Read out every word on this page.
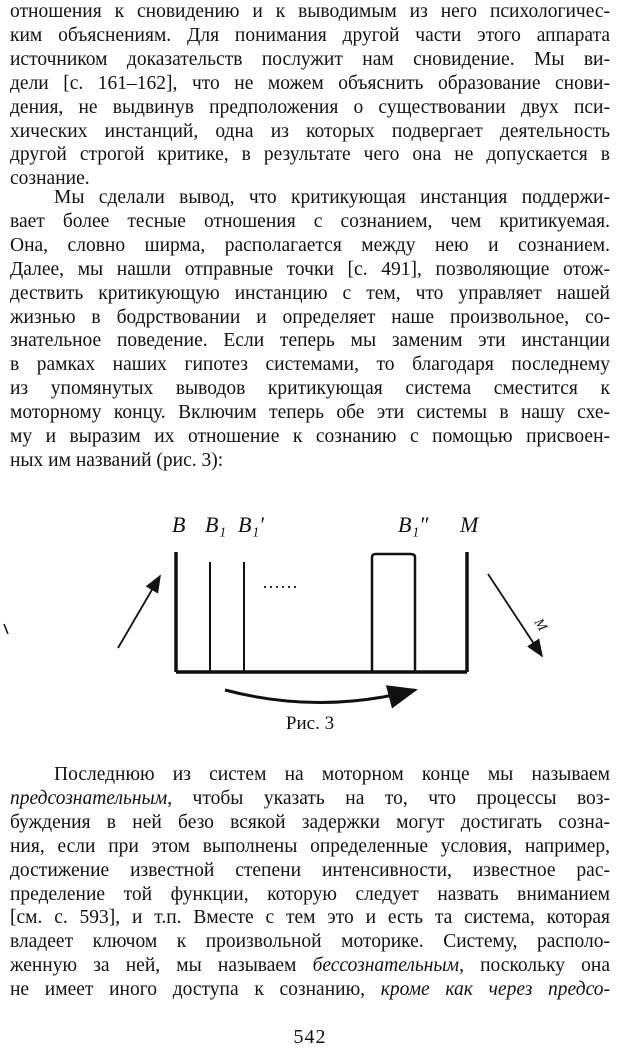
отношения к сновидению и к выводимым из него психологичес-
ким объяснениям. Для понимания другой части этого аппарата
источником доказательств послужит нам сновидение. Мы ви-
дели [с. 161–162], что не можем объяснить образование снови-
дения, не выдвинув предположения о существовании двух пси-
хических инстанций, одна из которых подвергает деятельность
другой строгой критике, в результате чего она не допускается в
сознание.

Мы сделали вывод, что критикующая инстанция поддержи-
вает более тесные отношения с сознанием, чем критикуемая.
Она, словно ширма, располагается между нею и сознанием.
Далее, мы нашли отправные точки [с. 491], позволяющие отож-
дествить критикующую инстанцию с тем, что управляет нашей
жизнью в бодрствовании и определяет наше произвольное, со-
знательное поведение. Если теперь мы заменим эти инстанции
в рамках наших гипотез системами, то благодаря последнему
из упомянутых выводов критикующая система сместится к
моторному концу. Включим теперь обе эти системы в нашу схе-
му и выразим их отношение к сознанию с помощью присвоен-
ных им названий (рис. 3):

B B₁ B₁′	B₁″ M
……
M
Рис. 3

Последнюю из систем на моторном конце мы называем
предсознательным, чтобы указать на то, что процессы воз-
буждения в ней безо всякой задержки могут достигать созна-
ния, если при этом выполнены определенные условия, например,
достижение известной степени интенсивности, известное рас-
пределение той функции, которую следует назвать вниманием
[см. с. 593], и т.п. Вместе с тем это и есть та система, которая
владеет ключом к произвольной моторике. Систему, располо-
женную за ней, мы называем бессознательным, поскольку она
не имеет иного доступа к сознанию, кроме как через предсо-

542
